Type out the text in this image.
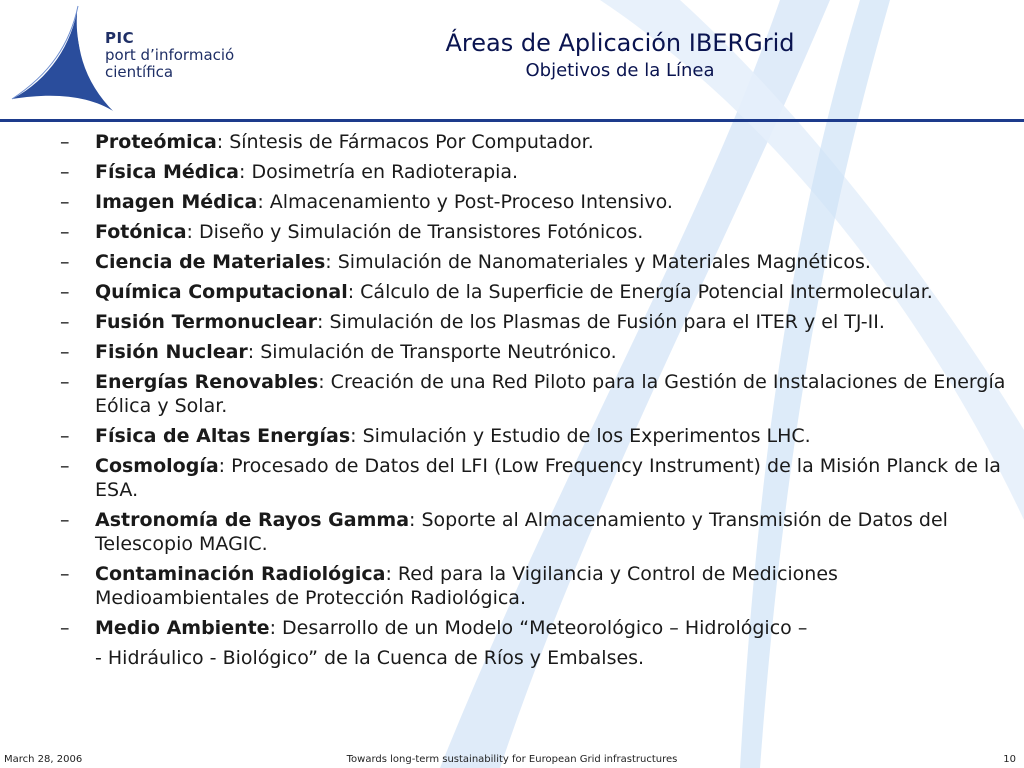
PIC
port d’informació
científica
Áreas de Aplicación IBERGrid
Objetivos de la Línea
– Proteómica: Síntesis de Fármacos Por Computador.
– Física Médica: Dosimetría en Radioterapia.
– Imagen Médica: Almacenamiento y Post-Proceso Intensivo.
– Fotónica: Diseño y Simulación de Transistores Fotónicos.
– Ciencia de Materiales: Simulación de Nanomateriales y Materiales Magnéticos.
– Química Computacional: Cálculo de la Superficie de Energía Potencial Intermolecular.
– Fusión Termonuclear: Simulación de los Plasmas de Fusión para el ITER y el TJ-II.
– Fisión Nuclear: Simulación de Transporte Neutrónico.
– Energías Renovables: Creación de una Red Piloto para la Gestión de Instalaciones de Energía Eólica y Solar.
– Física de Altas Energías: Simulación y Estudio de los Experimentos LHC.
– Cosmología: Procesado de Datos del LFI (Low Frequency Instrument) de la Misión Planck de la ESA.
– Astronomía de Rayos Gamma: Soporte al Almacenamiento y Transmisión de Datos del Telescopio MAGIC.
– Contaminación Radiológica: Red para la Vigilancia y Control de Mediciones Medioambientales de Protección Radiológica.
– Medio Ambiente: Desarrollo de un Modelo “Meteorológico – Hidrológico –
- Hidráulico - Biológico” de la Cuenca de Ríos y Embalses.
March 28, 2006	Towards long-term sustainability for European Grid infrastructures	10
